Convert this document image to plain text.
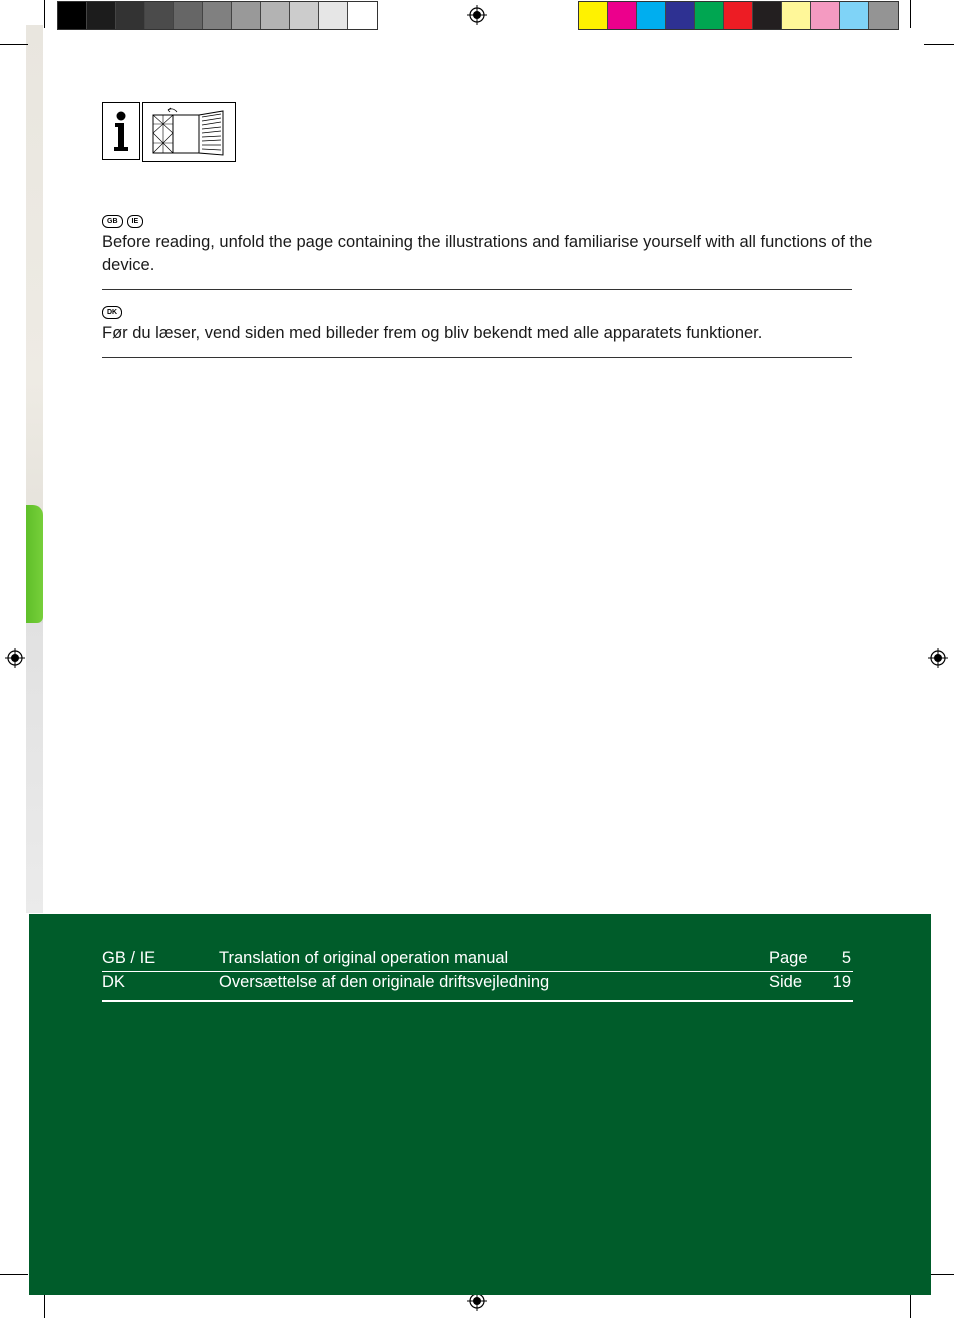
GB IE
Before reading, unfold the page containing the illustrations and familiarise yourself with all functions of the device.
DK
Før du læser, vend siden med billeder frem og bliv bekendt med alle apparatets funktioner.
GB / IE	Translation of original operation manual	Page 5
DK	Oversættelse af den originale driftsvejledning	Side 19
